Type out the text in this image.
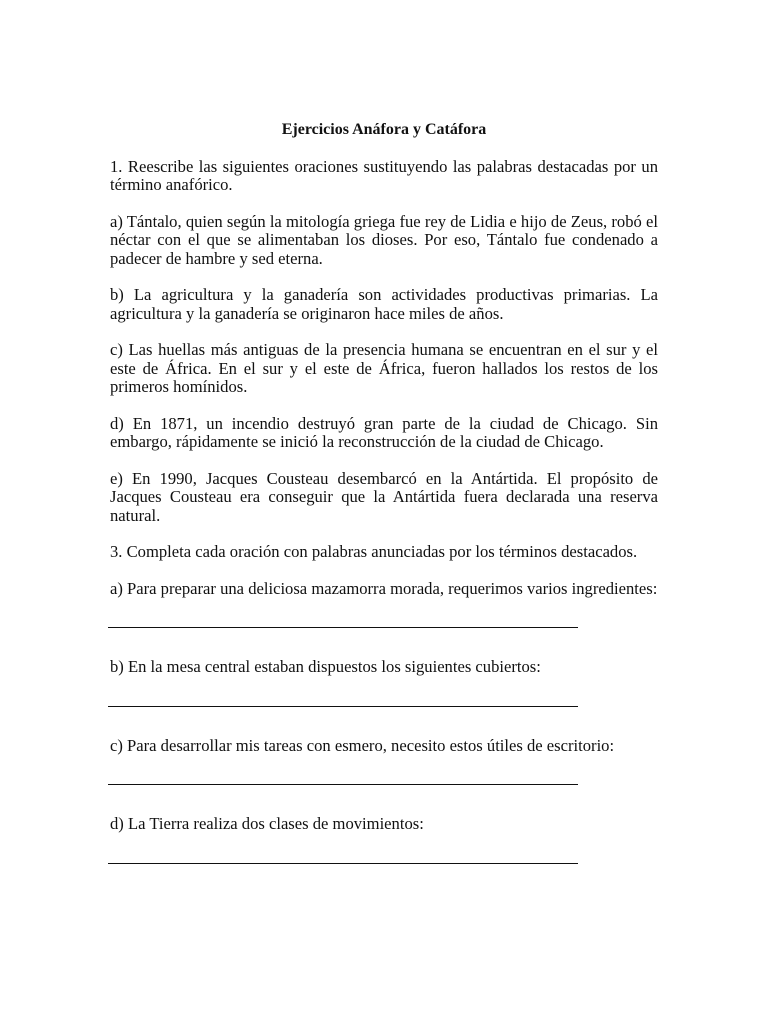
Ejercicios Anáfora y Catáfora
1. Reescribe las siguientes oraciones sustituyendo las palabras destacadas por un término anafórico.
a) Tántalo, quien según la mitología griega fue rey de Lidia e hijo de Zeus, robó el néctar con el que se alimentaban los dioses. Por eso, Tántalo fue condenado a padecer de hambre y sed eterna.
b) La agricultura y la ganadería son actividades productivas primarias. La agricultura y la ganadería se originaron hace miles de años.
c) Las huellas más antiguas de la presencia humana se encuentran en el sur y el este de África. En el sur y el este de África, fueron hallados los restos de los primeros homínidos.
d) En 1871, un incendio destruyó gran parte de la ciudad de Chicago. Sin embargo, rápidamente se inició la reconstrucción de la ciudad de Chicago.
e) En 1990, Jacques Cousteau desembarcó en la Antártida. El propósito de Jacques Cousteau era conseguir que la Antártida fuera declarada una reserva natural.
3. Completa cada oración con palabras anunciadas por los términos destacados.
a) Para preparar una deliciosa mazamorra morada, requerimos varios ingredientes:
b) En la mesa central estaban dispuestos los siguientes cubiertos:
c) Para desarrollar mis tareas con esmero, necesito estos útiles de escritorio:
d) La Tierra realiza dos clases de movimientos:
